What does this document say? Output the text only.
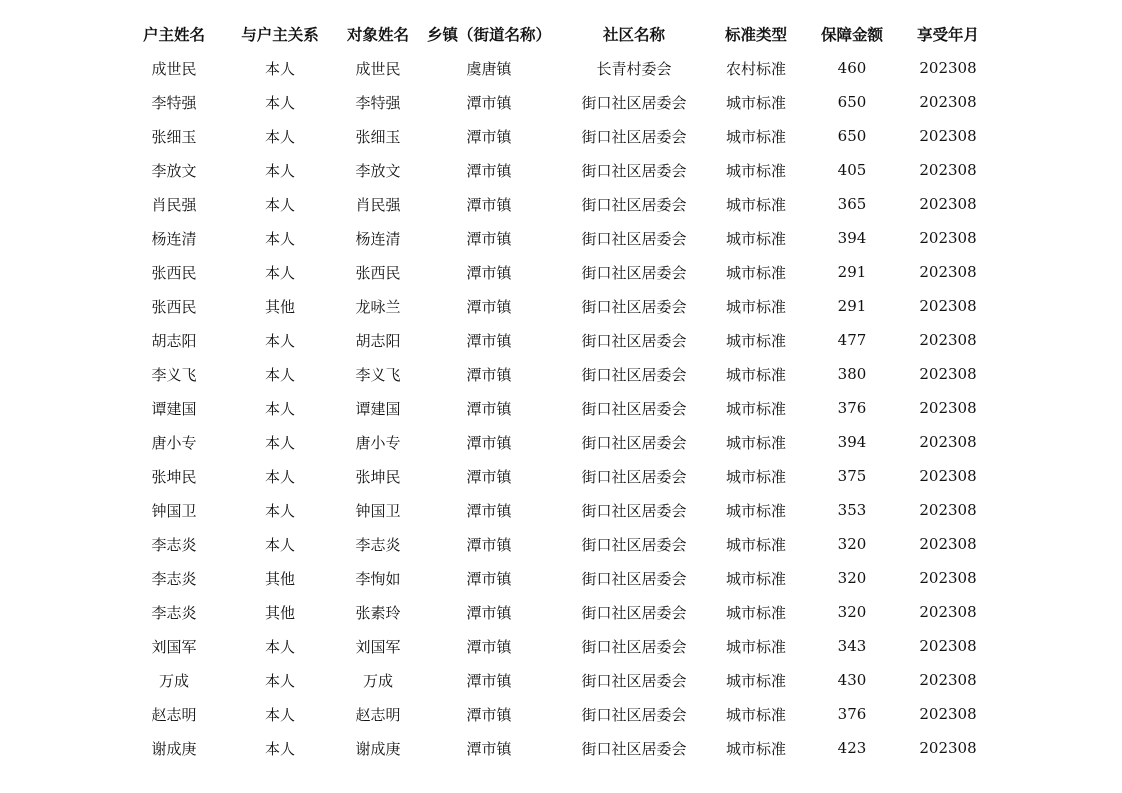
户主姓名	与户主关系	对象姓名	乡镇（街道名称）	社区名称	标准类型	保障金额	享受年月
成世民	本人	成世民	虞唐镇	长青村委会	农村标准	460	202308
李特强	本人	李特强	潭市镇	街口社区居委会	城市标准	650	202308
张细玉	本人	张细玉	潭市镇	街口社区居委会	城市标准	650	202308
李放文	本人	李放文	潭市镇	街口社区居委会	城市标准	405	202308
肖民强	本人	肖民强	潭市镇	街口社区居委会	城市标准	365	202308
杨连清	本人	杨连清	潭市镇	街口社区居委会	城市标准	394	202308
张西民	本人	张西民	潭市镇	街口社区居委会	城市标准	291	202308
张西民	其他	龙咏兰	潭市镇	街口社区居委会	城市标准	291	202308
胡志阳	本人	胡志阳	潭市镇	街口社区居委会	城市标准	477	202308
李义飞	本人	李义飞	潭市镇	街口社区居委会	城市标准	380	202308
谭建国	本人	谭建国	潭市镇	街口社区居委会	城市标准	376	202308
唐小专	本人	唐小专	潭市镇	街口社区居委会	城市标准	394	202308
张坤民	本人	张坤民	潭市镇	街口社区居委会	城市标准	375	202308
钟国卫	本人	钟国卫	潭市镇	街口社区居委会	城市标准	353	202308
李志炎	本人	李志炎	潭市镇	街口社区居委会	城市标准	320	202308
李志炎	其他	李恂如	潭市镇	街口社区居委会	城市标准	320	202308
李志炎	其他	张素玲	潭市镇	街口社区居委会	城市标准	320	202308
刘国军	本人	刘国军	潭市镇	街口社区居委会	城市标准	343	202308
万成	本人	万成	潭市镇	街口社区居委会	城市标准	430	202308
赵志明	本人	赵志明	潭市镇	街口社区居委会	城市标准	376	202308
谢成庚	本人	谢成庚	潭市镇	街口社区居委会	城市标准	423	202308
